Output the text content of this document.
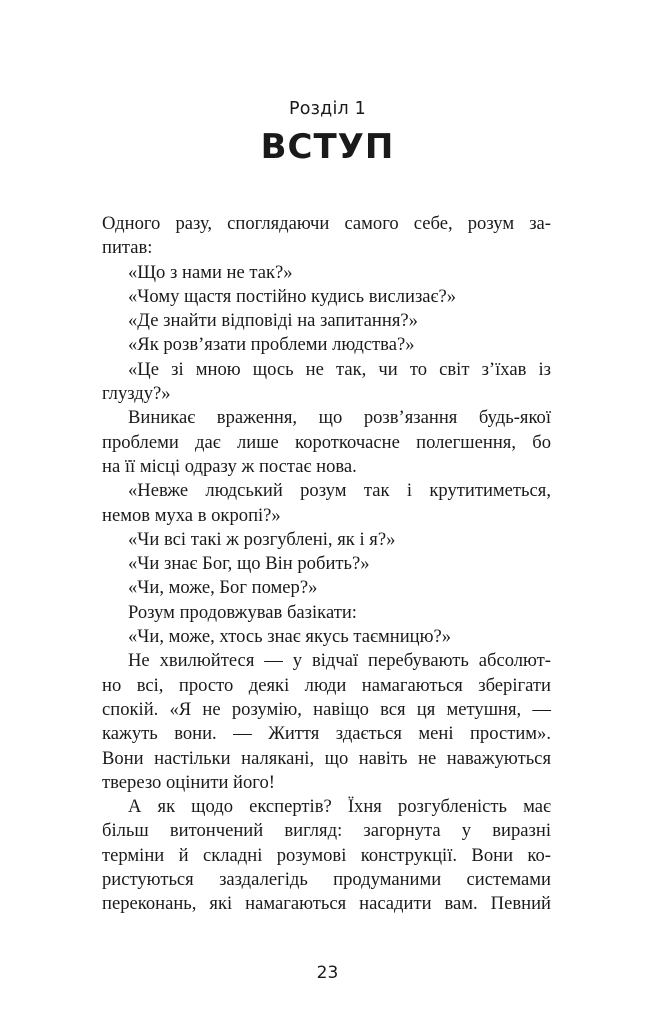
Розділ 1
ВСТУП
Одного разу, споглядаючи самого себе, розум за-
питав:
«Що з нами не так?»
«Чому щастя постійно кудись вислизає?»
«Де знайти відповіді на запитання?»
«Як розв’язати проблеми людства?»
«Це зі мною щось не так, чи то світ з’їхав із
глузду?»
Виникає враження, що розв’язання будь-якої
проблеми дає лише короткочасне полегшення, бо
на її місці одразу ж постає нова.
«Невже людський розум так і крутитиметься,
немов муха в окропі?»
«Чи всі такі ж розгублені, як і я?»
«Чи знає Бог, що Він робить?»
«Чи, може, Бог помер?»
Розум продовжував базікати:
«Чи, може, хтось знає якусь таємницю?»
Не хвилюйтеся — у відчаї перебувають абсолют-
но всі, просто деякі люди намагаються зберігати
спокій. «Я не розумію, навіщо вся ця метушня, —
кажуть вони. — Життя здається мені простим».
Вони настільки налякані, що навіть не наважуються
тверезо оцінити його!
А як щодо експертів? Їхня розгубленість має
більш витончений вигляд: загорнута у виразні
терміни й складні розумові конструкції. Вони ко-
ристуються заздалегідь продуманими системами
переконань, які намагаються насадити вам. Певний
23
